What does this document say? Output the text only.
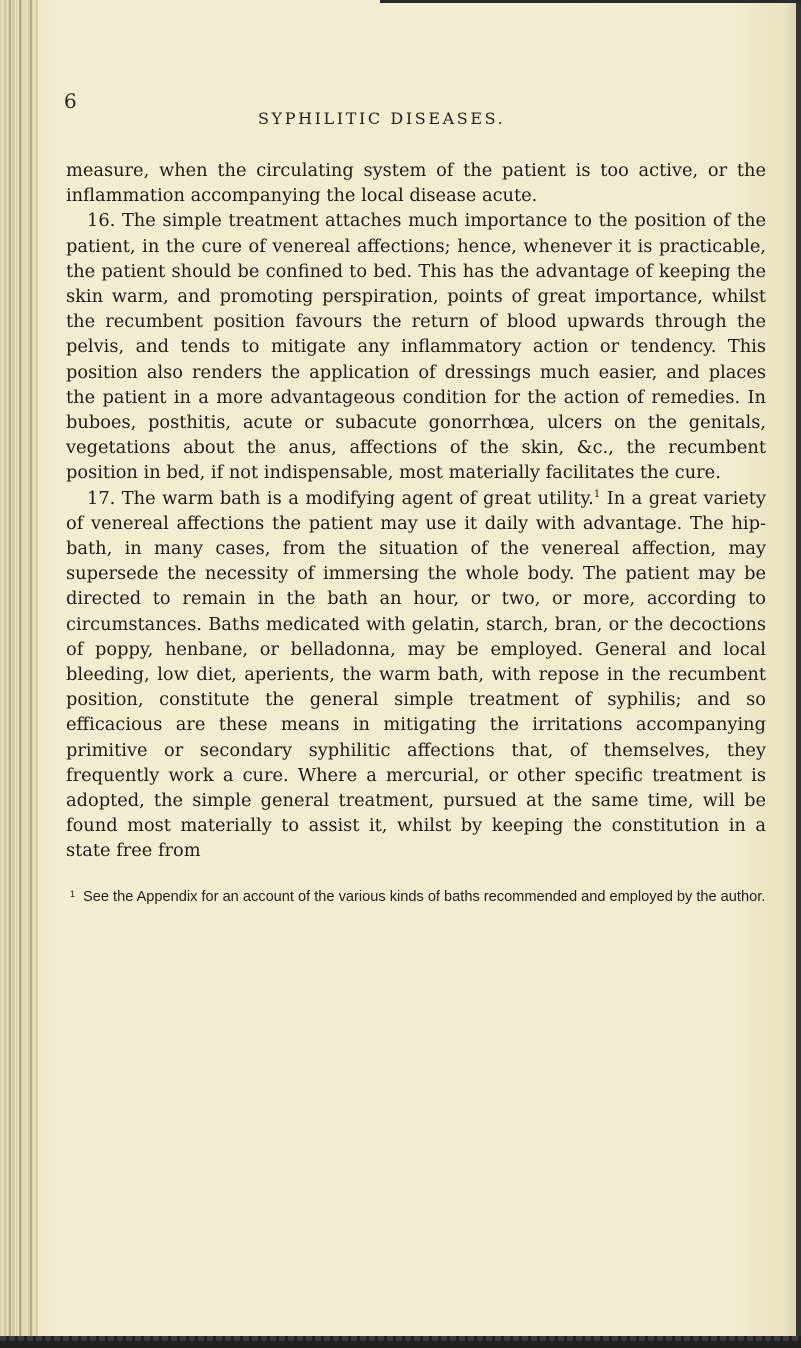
6
SYPHILITIC DISEASES.

measure, when the circulating system of the patient is too active, or the inflammation accompanying the local disease acute.

16. The simple treatment attaches much importance to the position of the patient, in the cure of venereal affections; hence, whenever it is practicable, the patient should be confined to bed. This has the advantage of keeping the skin warm, and promoting perspiration, points of great importance, whilst the recumbent position favours the return of blood upwards through the pelvis, and tends to mitigate any inflammatory action or tendency. This position also renders the application of dressings much easier, and places the patient in a more advantageous condition for the action of remedies. In buboes, posthitis, acute or subacute gonorrhœa, ulcers on the genitals, vegetations about the anus, affections of the skin, &c., the recumbent position in bed, if not indispensable, most materially facilitates the cure.

17. The warm bath is a modifying agent of great utility.$^1$ In a great variety of venereal affections the patient may use it daily with advantage. The hip-bath, in many cases, from the situation of the venereal affection, may supersede the necessity of immersing the whole body. The patient may be directed to remain in the bath an hour, or two, or more, according to circumstances. Baths medicated with gelatin, starch, bran, or the decoctions of poppy, henbane, or belladonna, may be employed. General and local bleeding, low diet, aperients, the warm bath, with repose in the recumbent position, constitute the general simple treatment of syphilis; and so efficacious are these means in mitigating the irritations accompanying primitive or secondary syphilitic affections that, of themselves, they frequently work a cure. Where a mercurial, or other specific treatment is adopted, the simple general treatment, pursued at the same time, will be found most materially to assist it, whilst by keeping the constitution in a state free from

$^1$ See the Appendix for an account of the various kinds of baths recommended and employed by the author.
